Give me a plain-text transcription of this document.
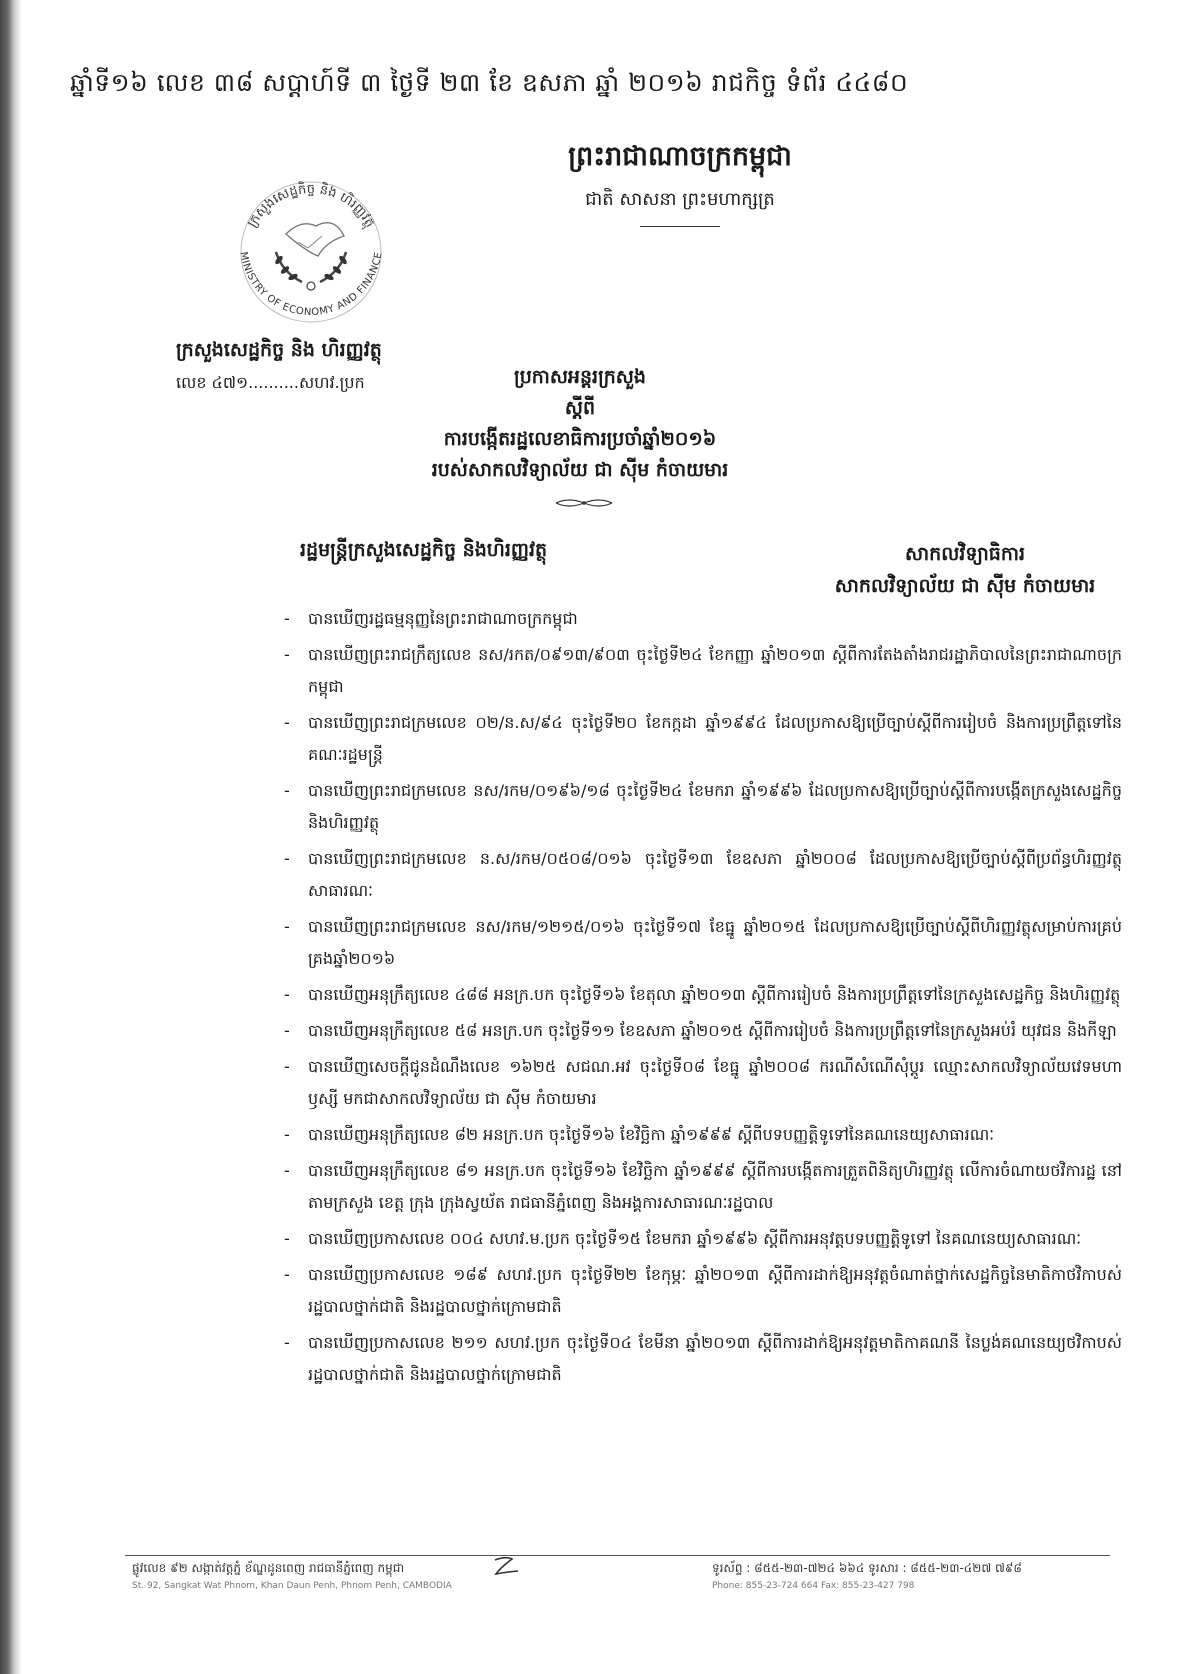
ឆ្នាំទី១៦ លេខ ៣៨ សប្តាហ៍ទី ៣ ថ្ងៃទី ២៣ ខែ ឧសភា ឆ្នាំ ២០១៦ រាជកិច្ច ទំព័រ ៤៤៨០
ព្រះរាជាណាចក្រកម្ពុជា
ជាតិ សាសនា ព្រះមហាក្សត្រ
ក្រសួងសេដ្ឋកិច្ច និង ហិរញ្ញវត្ថុ
MINISTRY OF ECONOMY AND FINANCE
ក្រសួងសេដ្ឋកិច្ច និង ហិរញ្ញវត្ថុ
លេខ ៤៧១..........សហវ.ប្រក	ប្រកាសអន្តរក្រសួង
ស្តីពី
ការបង្កើតរដ្ឋលេខាធិការប្រចាំឆ្នាំ២០១៦
របស់សាកលវិទ្យាល័យ ជា ស៊ីម កំចាយមារ
រដ្ឋមន្ត្រីក្រសួងសេដ្ឋកិច្ច និងហិរញ្ញវត្ថុ	សាកលវិទ្យាធិការ
សាកលវិទ្យាល័យ ជា ស៊ីម កំចាយមារ
- បានឃើញរដ្ឋធម្មនុញ្ញនៃព្រះរាជាណាចក្រកម្ពុជា
- បានឃើញព្រះរាជក្រឹត្យលេខ នស/រកត/០៩១៣/៩០៣ ចុះថ្ងៃទី២៤ ខែកញ្ញា ឆ្នាំ២០១៣ ស្តីពីការតែងតាំងរាជរដ្ឋាភិបាលនៃព្រះរាជាណាចក្រកម្ពុជា
- បានឃើញព្រះរាជក្រមលេខ ០២/ន.ស/៩៤ ចុះថ្ងៃទី២០ ខែកក្កដា ឆ្នាំ១៩៩៤ ដែលប្រកាសឱ្យប្រើច្បាប់ស្តីពីការរៀបចំ និងការប្រព្រឹត្តទៅនៃគណៈរដ្ឋមន្ត្រី
- បានឃើញព្រះរាជក្រមលេខ នស/រកម/០១៩៦/១៨ ចុះថ្ងៃទី២៤ ខែមករា ឆ្នាំ១៩៩៦ ដែលប្រកាសឱ្យប្រើច្បាប់ស្តីពីការបង្កើតក្រសួងសេដ្ឋកិច្ច និងហិរញ្ញវត្ថុ
- បានឃើញព្រះរាជក្រមលេខ ន.ស/រកម/០៥០៨/០១៦ ចុះថ្ងៃទី១៣ ខែឧសភា ឆ្នាំ២០០៨ ដែលប្រកាសឱ្យប្រើច្បាប់ស្តីពីប្រព័ន្ធហិរញ្ញវត្ថុសាធារណៈ
- បានឃើញព្រះរាជក្រមលេខ នស/រកម/១២១៥/០១៦ ចុះថ្ងៃទី១៧ ខែធ្នូ ឆ្នាំ២០១៥ ដែលប្រកាសឱ្យប្រើច្បាប់ស្តីពីហិរញ្ញវត្ថុសម្រាប់ការគ្រប់គ្រងឆ្នាំ២០១៦
- បានឃើញអនុក្រឹត្យលេខ ៤៨៨ អនក្រ.បក ចុះថ្ងៃទី១៦ ខែតុលា ឆ្នាំ២០១៣ ស្តីពីការរៀបចំ និងការប្រព្រឹត្តទៅនៃក្រសួងសេដ្ឋកិច្ច និងហិរញ្ញវត្ថុ
- បានឃើញអនុក្រឹត្យលេខ ៥៨ អនក្រ.បក ចុះថ្ងៃទី១១ ខែឧសភា ឆ្នាំ២០១៥ ស្តីពីការរៀបចំ និងការប្រព្រឹត្តទៅនៃក្រសួងអប់រំ យុវជន និងកីឡា
- បានឃើញសេចក្តីជូនដំណឹងលេខ ១៦២៥ សជណ.អវ ចុះថ្ងៃទី០៨ ខែធ្នូ ឆ្នាំ២០០៨ ករណីសំណើសុំប្តូរ ឈ្មោះសាកលវិទ្យាល័យវេទមហាឫស្សី មកជាសាកលវិទ្យាល័យ ជា ស៊ីម កំចាយមារ
- បានឃើញអនុក្រឹត្យលេខ ៨២ អនក្រ.បក ចុះថ្ងៃទី១៦ ខែវិច្ឆិកា ឆ្នាំ១៩៩៩ ស្តីពីបទបញ្ញត្តិទូទៅនៃគណនេយ្យសាធារណៈ
- បានឃើញអនុក្រឹត្យលេខ ៨១ អនក្រ.បក ចុះថ្ងៃទី១៦ ខែវិច្ឆិកា ឆ្នាំ១៩៩៩ ស្តីពីការបង្កើតការត្រួតពិនិត្យហិរញ្ញវត្ថុ លើការចំណាយថវិការដ្ឋ នៅតាមក្រសួង ខេត្ត ក្រុង ក្រុងស្វយ័ត រាជធានីភ្នំពេញ និងអង្គការសាធារណៈរដ្ឋបាល
- បានឃើញប្រកាសលេខ ០០៤ សហវ.ម.ប្រក ចុះថ្ងៃទី១៥ ខែមករា ឆ្នាំ១៩៩៦ ស្តីពីការអនុវត្តបទបញ្ញត្តិទូទៅ នៃគណនេយ្យសាធារណៈ
- បានឃើញប្រកាសលេខ ១៨៩ សហវ.ប្រក ចុះថ្ងៃទី២២ ខែកុម្ភៈ ឆ្នាំ២០១៣ ស្តីពីការដាក់ឱ្យអនុវត្តចំណាត់ថ្នាក់សេដ្ឋកិច្ចនៃមាតិកាថវិកាបស់រដ្ឋបាលថ្នាក់ជាតិ និងរដ្ឋបាលថ្នាក់ក្រោមជាតិ
- បានឃើញប្រកាសលេខ ២១១ សហវ.ប្រក ចុះថ្ងៃទី០៤ ខែមីនា ឆ្នាំ២០១៣ ស្តីពីការដាក់ឱ្យអនុវត្តមាតិកាគណនី នៃប្លង់គណនេយ្យថវិកាបស់រដ្ឋបាលថ្នាក់ជាតិ និងរដ្ឋបាលថ្នាក់ក្រោមជាតិ
ផ្លូវលេខ ៩២ សង្កាត់វត្តភ្នំ ខ័ណ្ឌដូនពេញ រាជធានីភ្នំពេញ កម្ពុជា
St. 92, Sangkat Wat Phnom, Khan Daun Penh, Phnom Penh, CAMBODIA
ទូរស័ព្ទ : ៨៥៥-២៣-៧២៤ ៦៦៤ ទូរសារ : ៨៥៥-២៣-៤២៧ ៧៩៨
Phone: 855-23-724 664 Fax: 855-23-427 798
